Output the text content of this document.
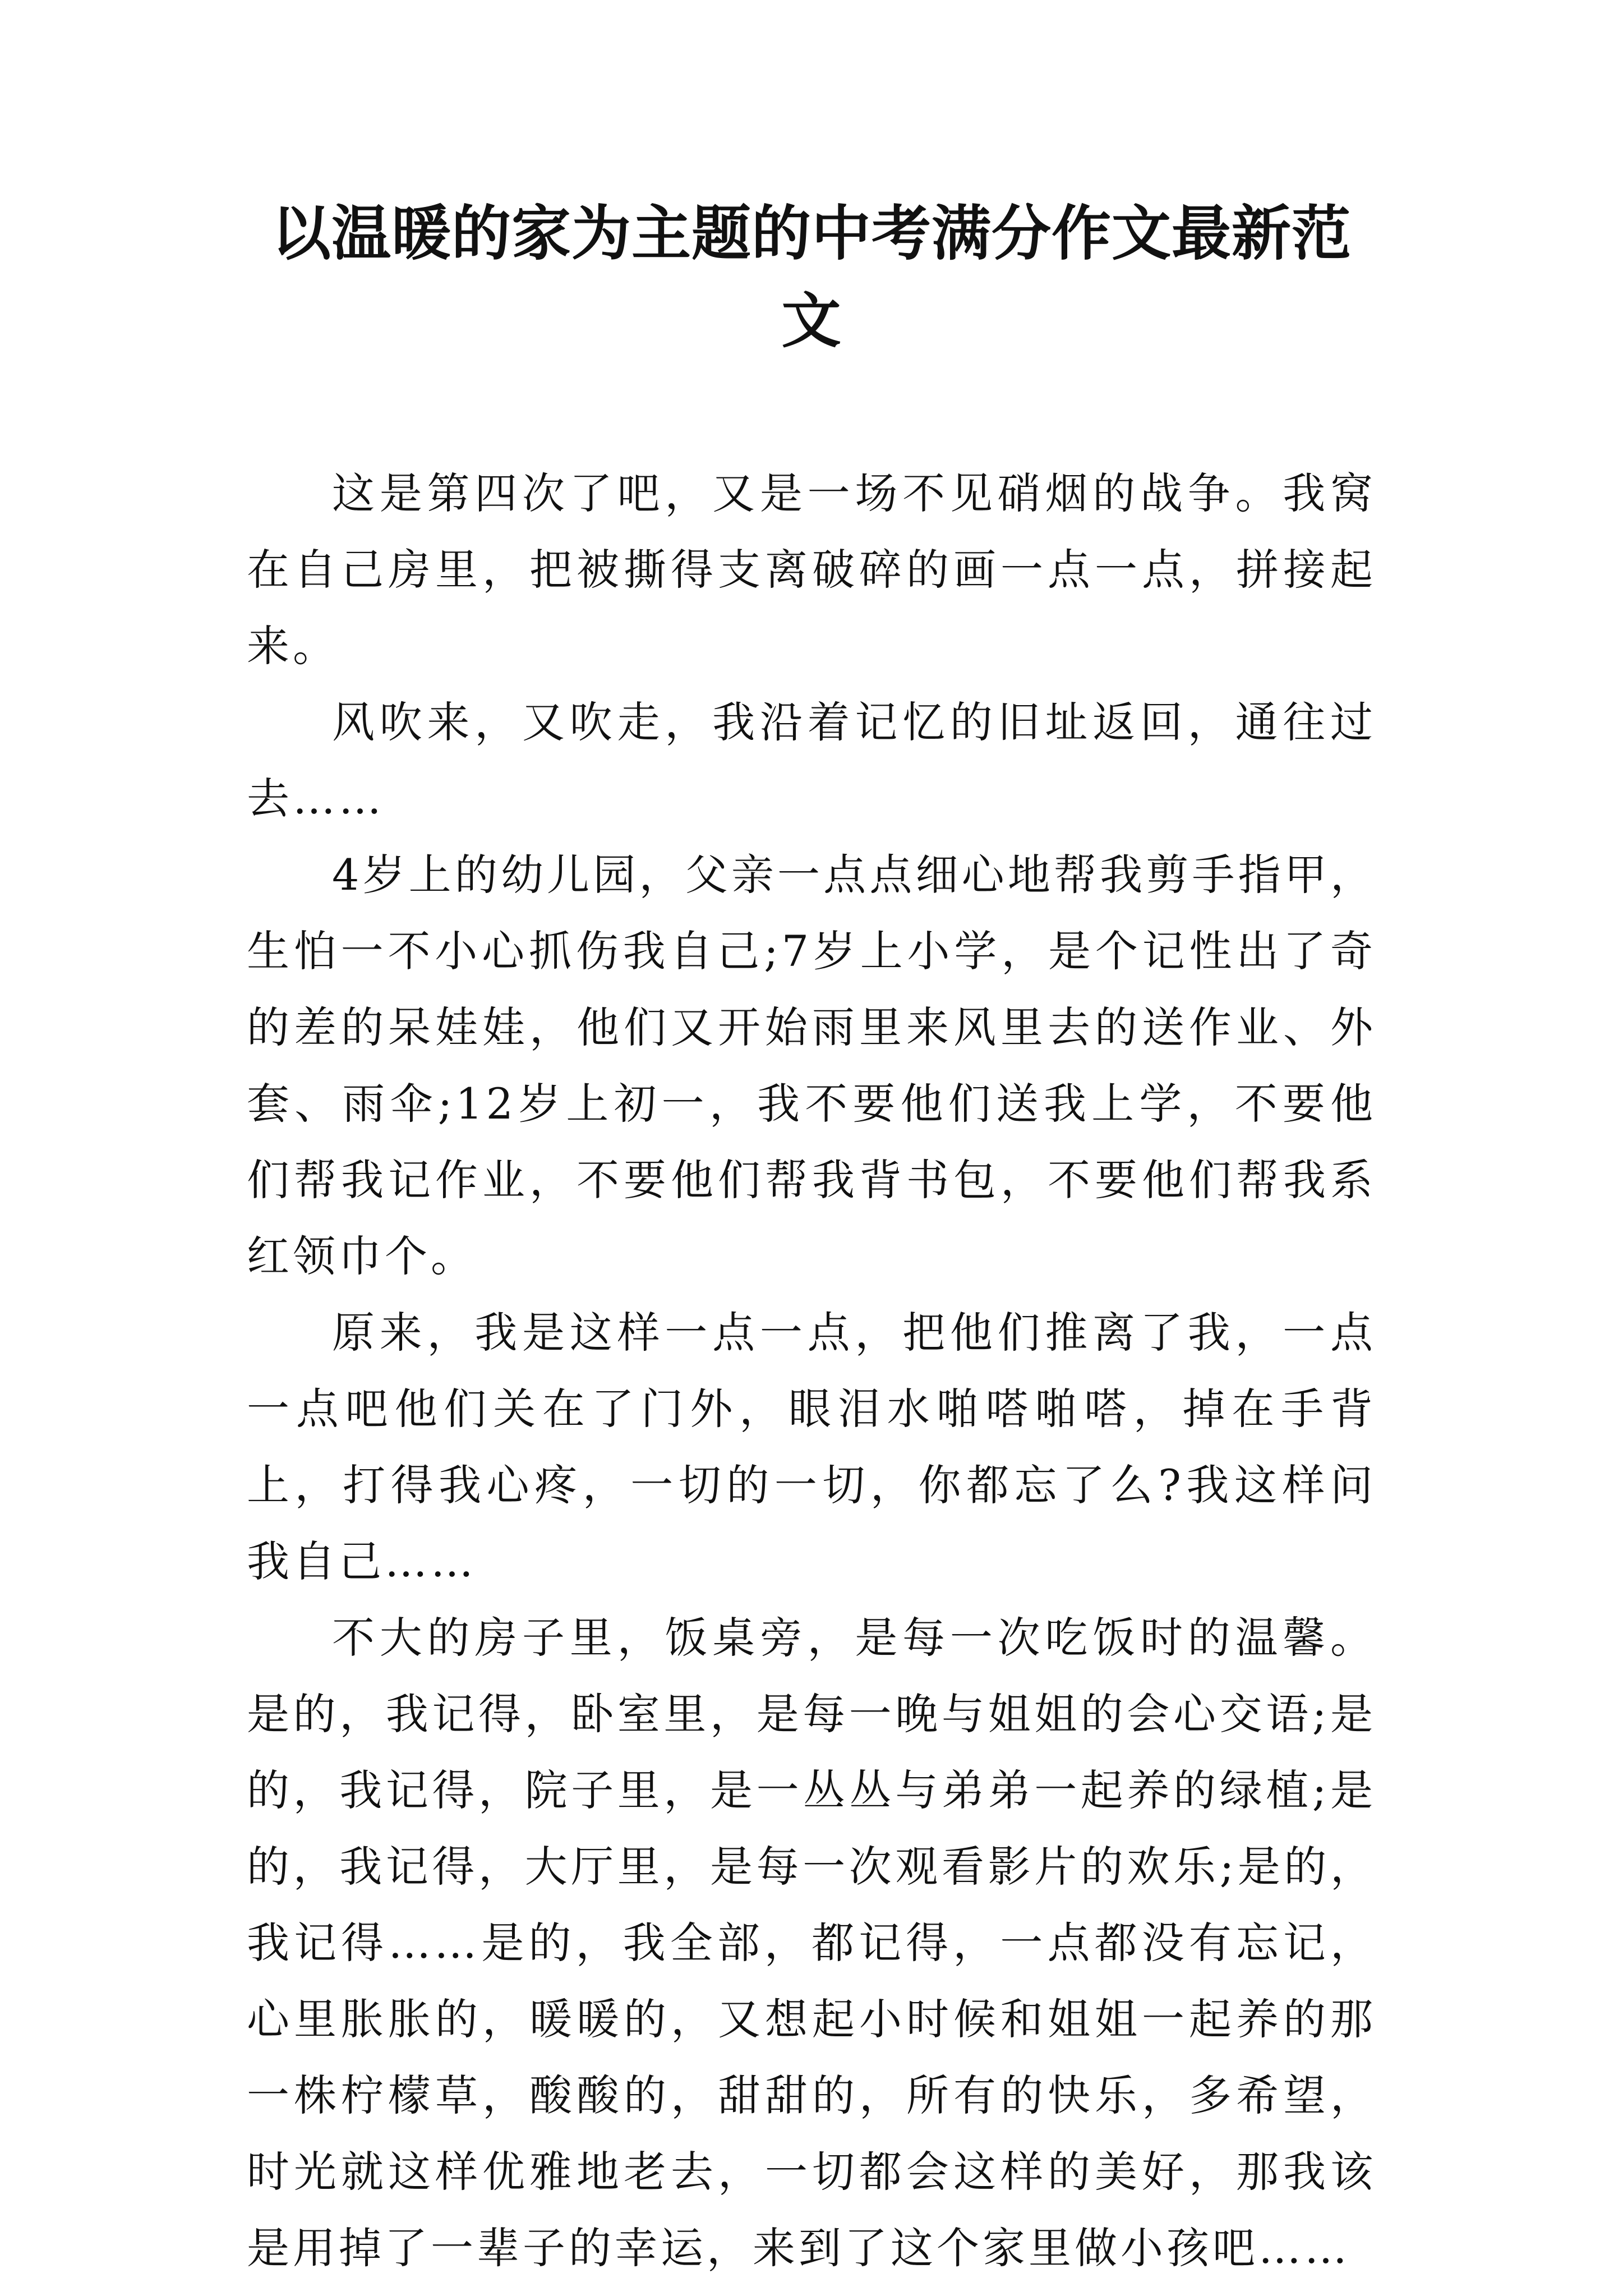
以温暖的家为主题的中考满分作文最新范文

这是第四次了吧，又是一场不见硝烟的战争。我窝在自己房里，把被撕得支离破碎的画一点一点，拼接起来。

风吹来，又吹走，我沿着记忆的旧址返回，通往过去……

4岁上的幼儿园，父亲一点点细心地帮我剪手指甲，生怕一不小心抓伤我自己;7岁上小学，是个记性出了奇的差的呆娃娃，他们又开始雨里来风里去的送作业、外套、雨伞;12岁上初一，我不要他们送我上学，不要他们帮我记作业，不要他们帮我背书包，不要他们帮我系红领巾个。

原来，我是这样一点一点，把他们推离了我，一点一点吧他们关在了门外，眼泪水啪嗒啪嗒，掉在手背上，打得我心疼，一切的一切，你都忘了么?我这样问我自己……

不大的房子里，饭桌旁，是每一次吃饭时的温馨。是的，我记得，卧室里，是每一晚与姐姐的会心交语;是的，我记得，院子里，是一丛丛与弟弟一起养的绿植;是的，我记得，大厅里，是每一次观看影片的欢乐;是的，我记得……是的，我全部，都记得，一点都没有忘记，心里胀胀的，暖暖的，又想起小时候和姐姐一起养的那一株柠檬草，酸酸的，甜甜的，所有的快乐，多希望，时光就这样优雅地老去，一切都会这样的美好，那我该是用掉了一辈子的幸运，来到了这个家里做小孩吧……
